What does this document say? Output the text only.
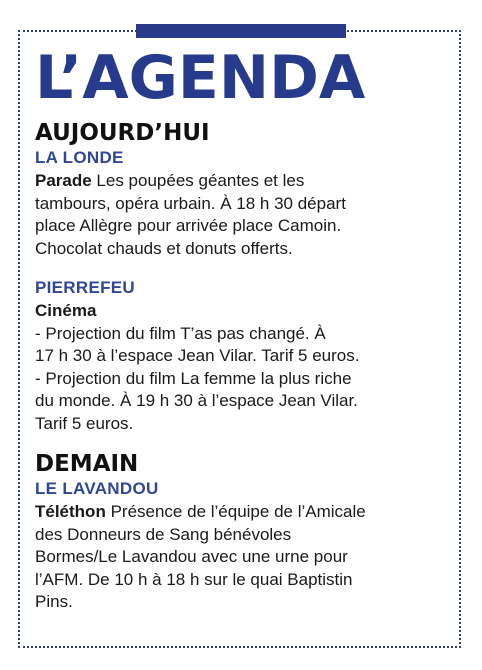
L’AGENDA
AUJOURD’HUI
LA LONDE
Parade Les poupées géantes et les
tambours, opéra urbain. À 18 h 30 départ
place Allègre pour arrivée place Camoin.
Chocolat chauds et donuts offerts.
PIERREFEU
Cinéma
- Projection du film T’as pas changé. À
17 h 30 à l’espace Jean Vilar. Tarif 5 euros.
- Projection du film La femme la plus riche
du monde. À 19 h 30 à l’espace Jean Vilar.
Tarif 5 euros.
DEMAIN
LE LAVANDOU
Téléthon Présence de l’équipe de l’Amicale
des Donneurs de Sang bénévoles
Bormes/Le Lavandou avec une urne pour
l’AFM. De 10 h à 18 h sur le quai Baptistin
Pins.
